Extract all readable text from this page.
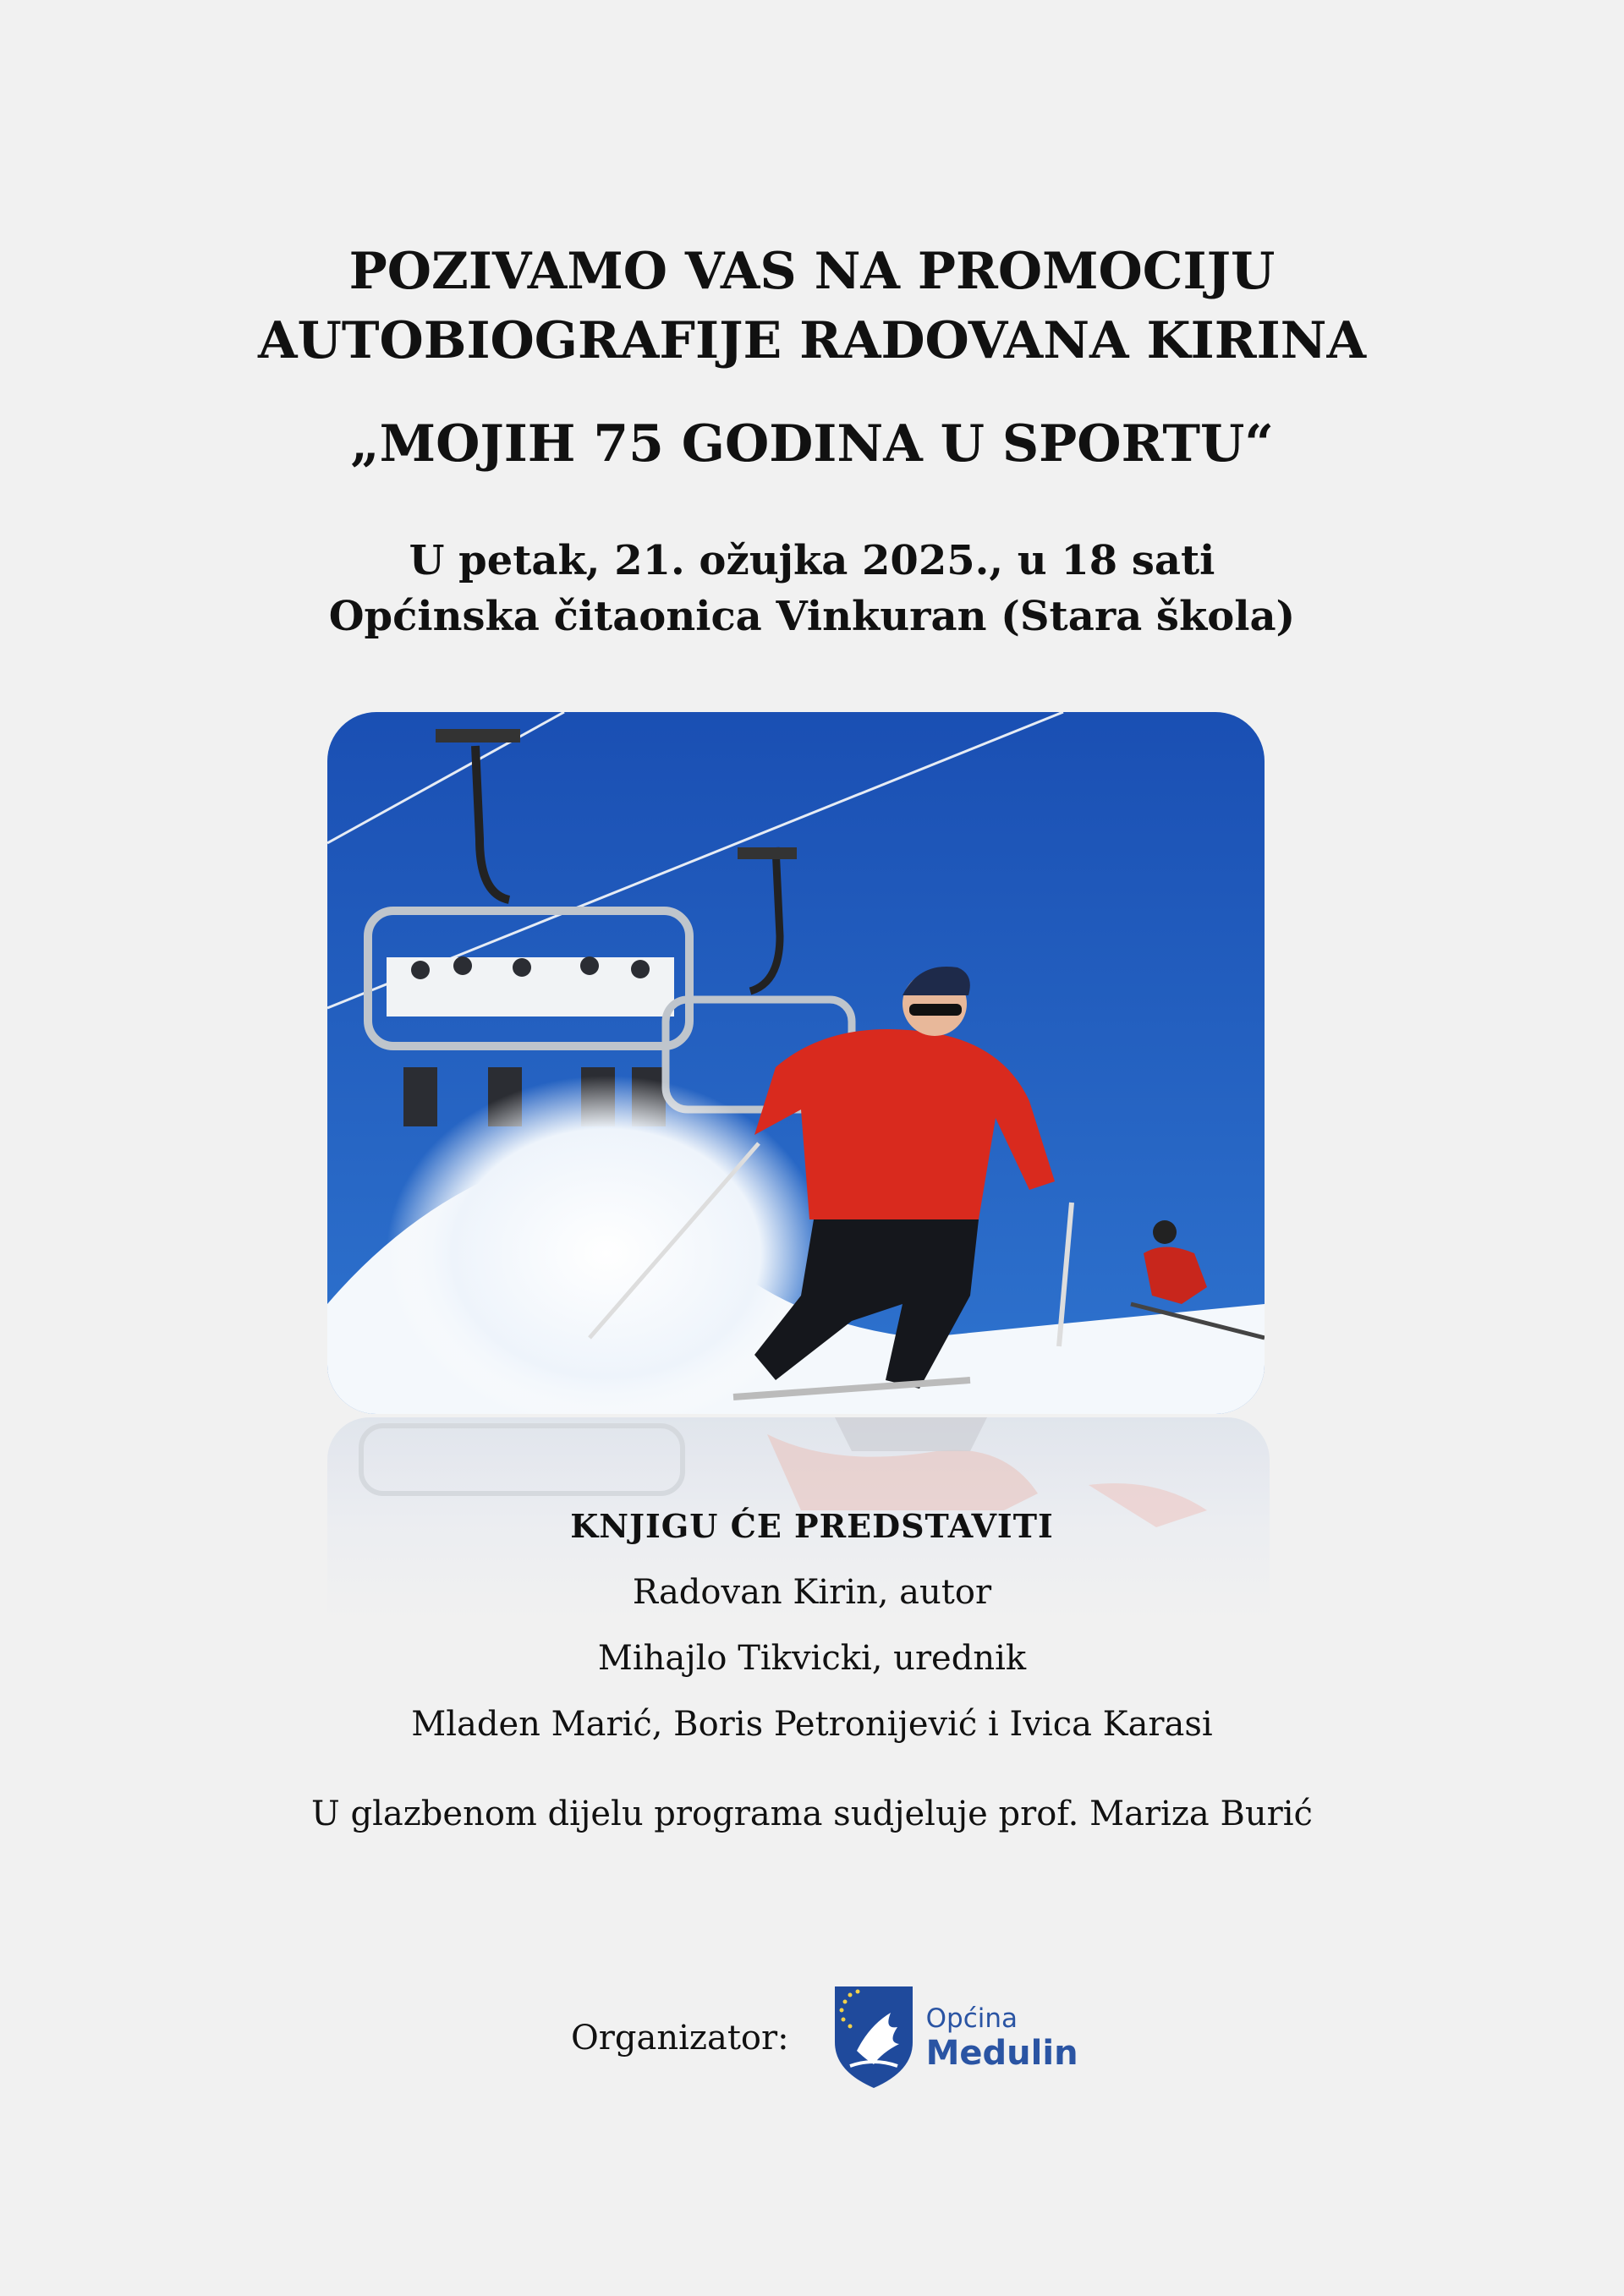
POZIVAMO VAS NA PROMOCIJU
AUTOBIOGRAFIJE RADOVANA KIRINA
„MOJIH 75 GODINA U SPORTU“
U petak, 21. ožujka 2025., u 18 sati
Općinska čitaonica Vinkuran (Stara škola)

KNJIGU ĆE PREDSTAVITI

Radovan Kirin, autor

Mihajlo Tikvicki, urednik

Mladen Marić, Boris Petronijević i Ivica Karasi

U glazbenom dijelu programa sudjeluje prof. Mariza Burić

Organizator:	Općina
Medulin
